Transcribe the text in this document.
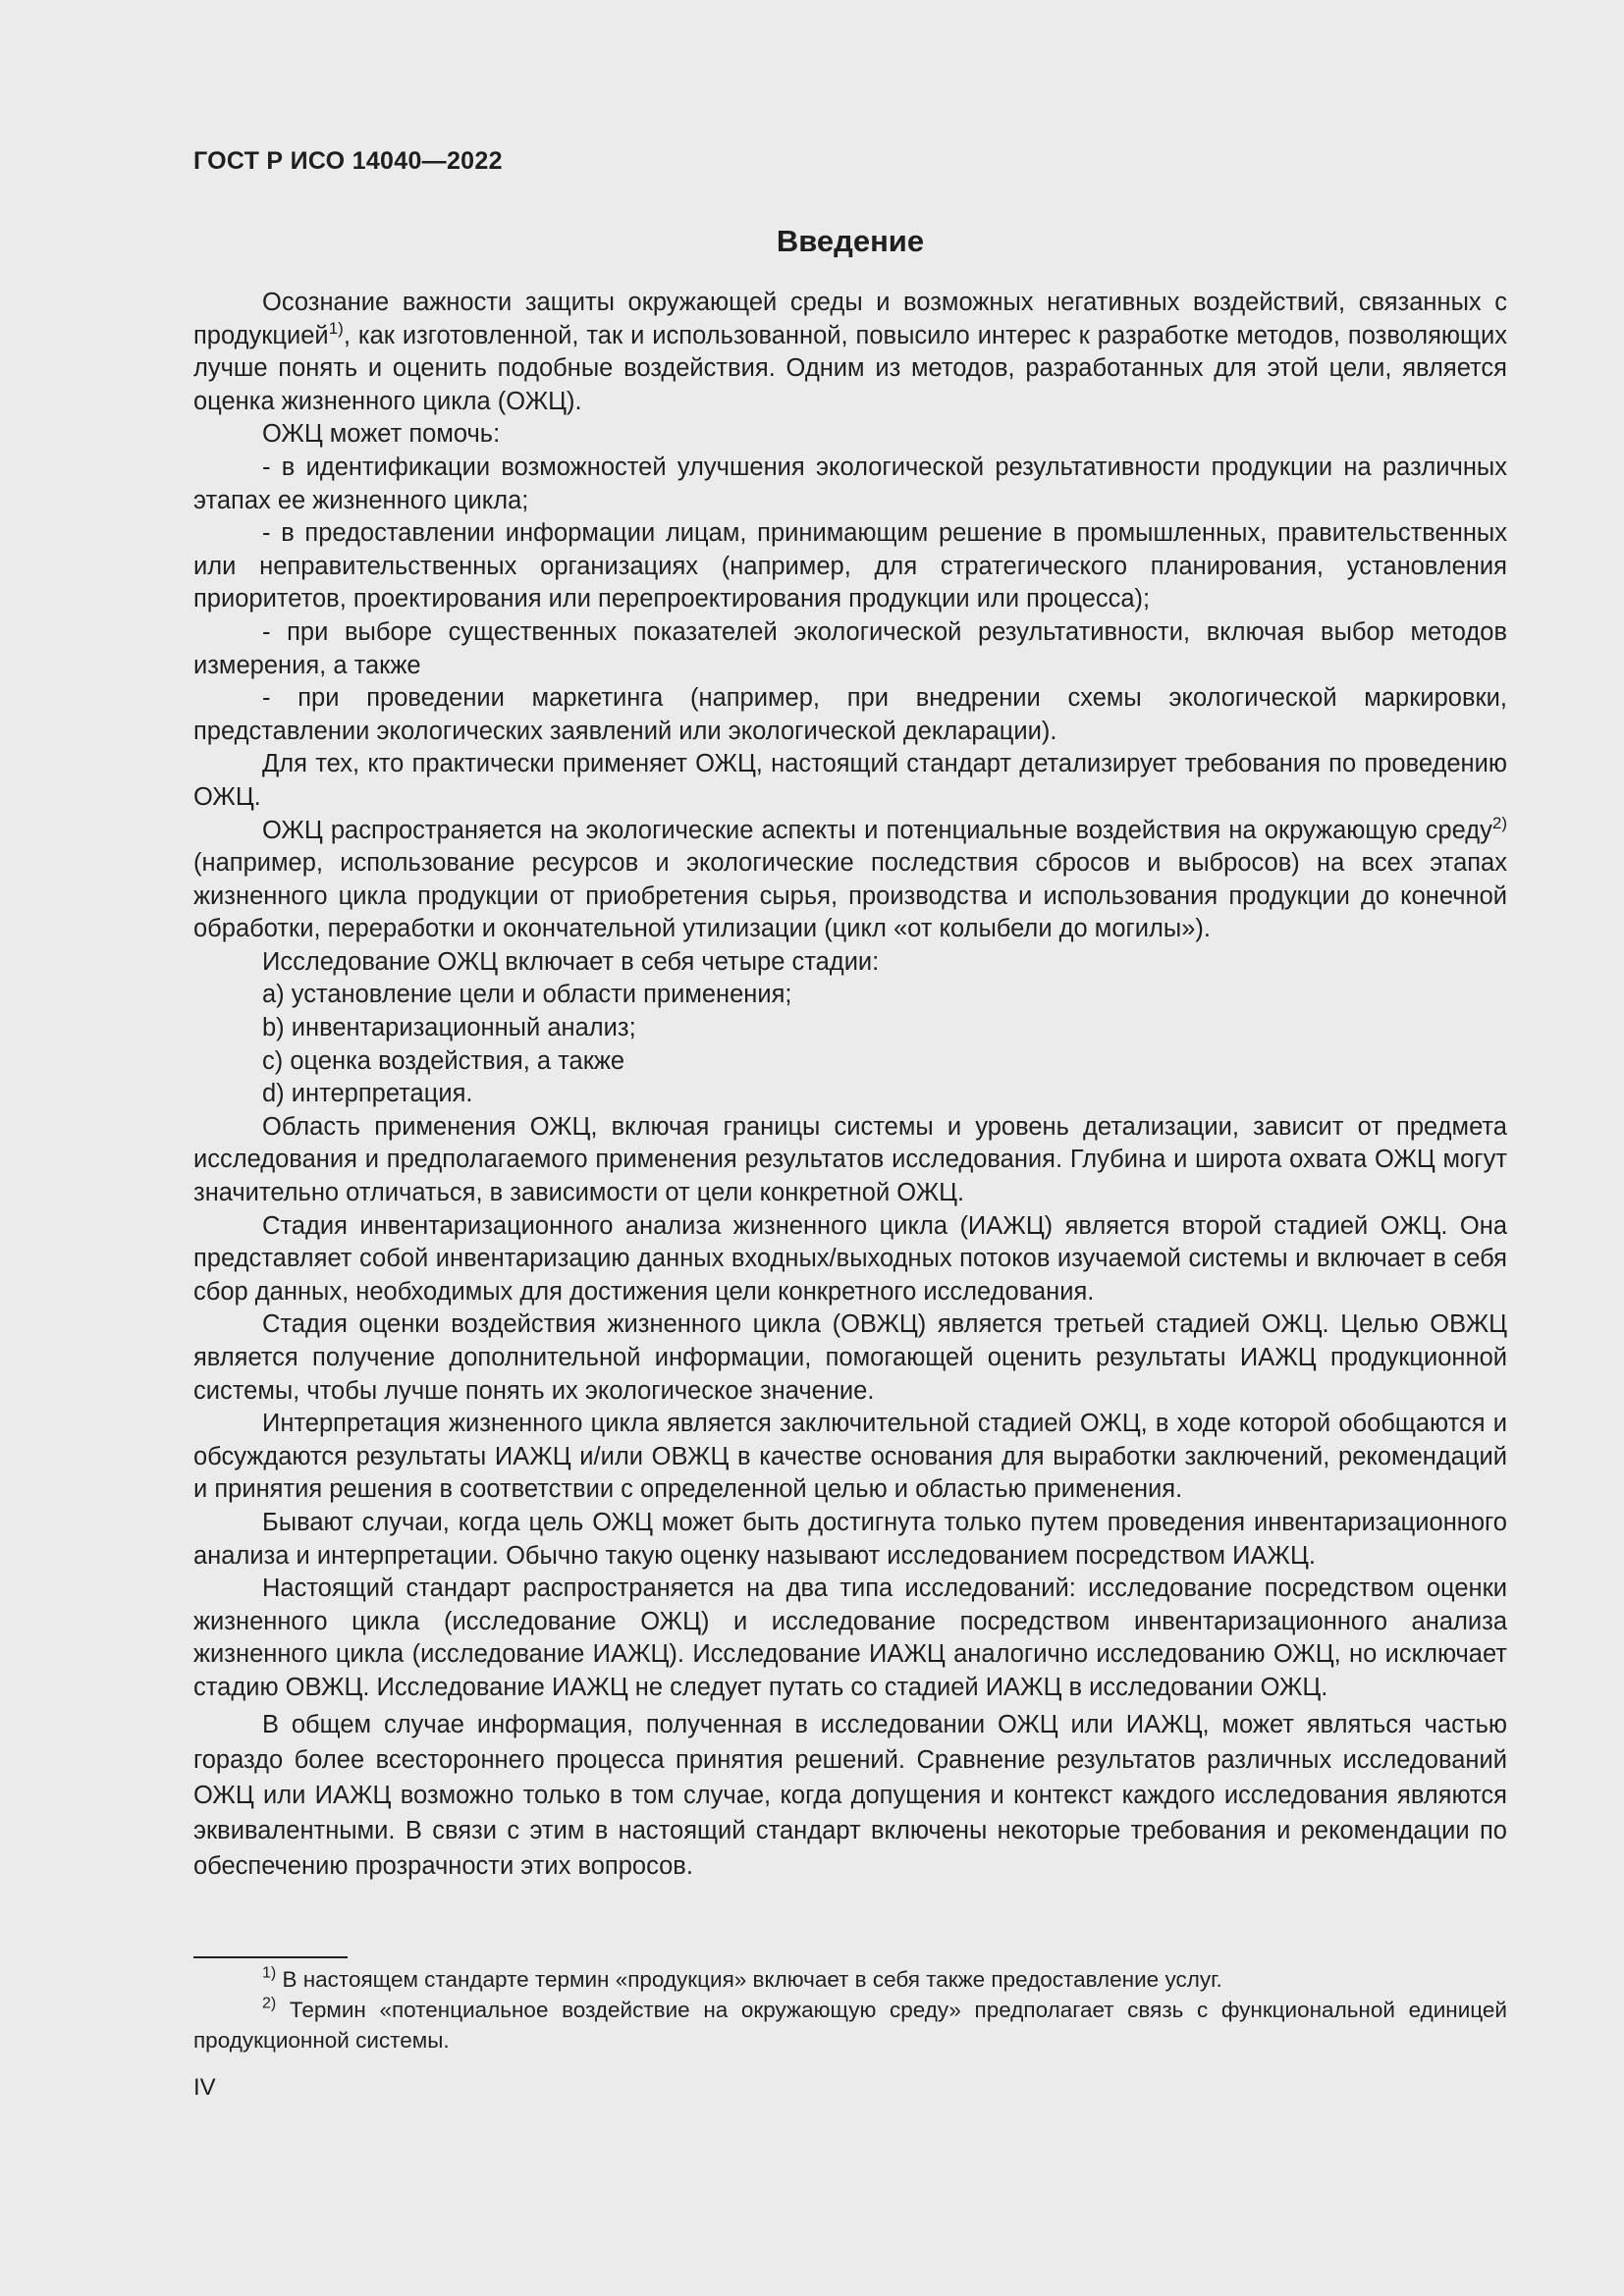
ГОСТ Р ИСО 14040—2022
Введение

Осознание важности защиты окружающей среды и возможных негативных воздействий, связанных с продукцией$^{1)}$, как изготовленной, так и использованной, повысило интерес к разработке методов, позволяющих лучше понять и оценить подобные воздействия. Одним из методов, разработанных для этой цели, является оценка жизненного цикла (ОЖЦ).

ОЖЦ может помочь:

- в идентификации возможностей улучшения экологической результативности продукции на различных этапах ее жизненного цикла;

- в предоставлении информации лицам, принимающим решение в промышленных, правительственных или неправительственных организациях (например, для стратегического планирования, установления приоритетов, проектирования или перепроектирования продукции или процесса);

- при выборе существенных показателей экологической результативности, включая выбор методов измерения, а также

- при проведении маркетинга (например, при внедрении схемы экологической маркировки, представлении экологических заявлений или экологической декларации).

Для тех, кто практически применяет ОЖЦ, настоящий стандарт детализирует требования по проведению ОЖЦ.

ОЖЦ распространяется на экологические аспекты и потенциальные воздействия на окружающую среду$^{2)}$ (например, использование ресурсов и экологические последствия сбросов и выбросов) на всех этапах жизненного цикла продукции от приобретения сырья, производства и использования продукции до конечной обработки, переработки и окончательной утилизации (цикл «от колыбели до могилы»).

Исследование ОЖЦ включает в себя четыре стадии:

a) установление цели и области применения;

b) инвентаризационный анализ;

c) оценка воздействия, а также

d) интерпретация.

Область применения ОЖЦ, включая границы системы и уровень детализации, зависит от предмета исследования и предполагаемого применения результатов исследования. Глубина и широта охвата ОЖЦ могут значительно отличаться, в зависимости от цели конкретной ОЖЦ.

Стадия инвентаризационного анализа жизненного цикла (ИАЖЦ) является второй стадией ОЖЦ. Она представляет собой инвентаризацию данных входных/выходных потоков изучаемой системы и включает в себя сбор данных, необходимых для достижения цели конкретного исследования.

Стадия оценки воздействия жизненного цикла (ОВЖЦ) является третьей стадией ОЖЦ. Целью ОВЖЦ является получение дополнительной информации, помогающей оценить результаты ИАЖЦ продукционной системы, чтобы лучше понять их экологическое значение.

Интерпретация жизненного цикла является заключительной стадией ОЖЦ, в ходе которой обобщаются и обсуждаются результаты ИАЖЦ и/или ОВЖЦ в качестве основания для выработки заключений, рекомендаций и принятия решения в соответствии с определенной целью и областью применения.

Бывают случаи, когда цель ОЖЦ может быть достигнута только путем проведения инвентаризационного анализа и интерпретации. Обычно такую оценку называют исследованием посредством ИАЖЦ.

Настоящий стандарт распространяется на два типа исследований: исследование посредством оценки жизненного цикла (исследование ОЖЦ) и исследование посредством инвентаризационного анализа жизненного цикла (исследование ИАЖЦ). Исследование ИАЖЦ аналогично исследованию ОЖЦ, но исключает стадию ОВЖЦ. Исследование ИАЖЦ не следует путать со стадией ИАЖЦ в исследовании ОЖЦ.

В общем случае информация, полученная в исследовании ОЖЦ или ИАЖЦ, может являться частью гораздо более всестороннего процесса принятия решений. Сравнение результатов различных исследований ОЖЦ или ИАЖЦ возможно только в том случае, когда допущения и контекст каждого исследования являются эквивалентными. В связи с этим в настоящий стандарт включены некоторые требования и рекомендации по обеспечению прозрачности этих вопросов.

$^{1)}$ В настоящем стандарте термин «продукция» включает в себя также предоставление услуг.

$^{2)}$ Термин «потенциальное воздействие на окружающую среду» предполагает связь с функциональной единицей продукционной системы.

IV
